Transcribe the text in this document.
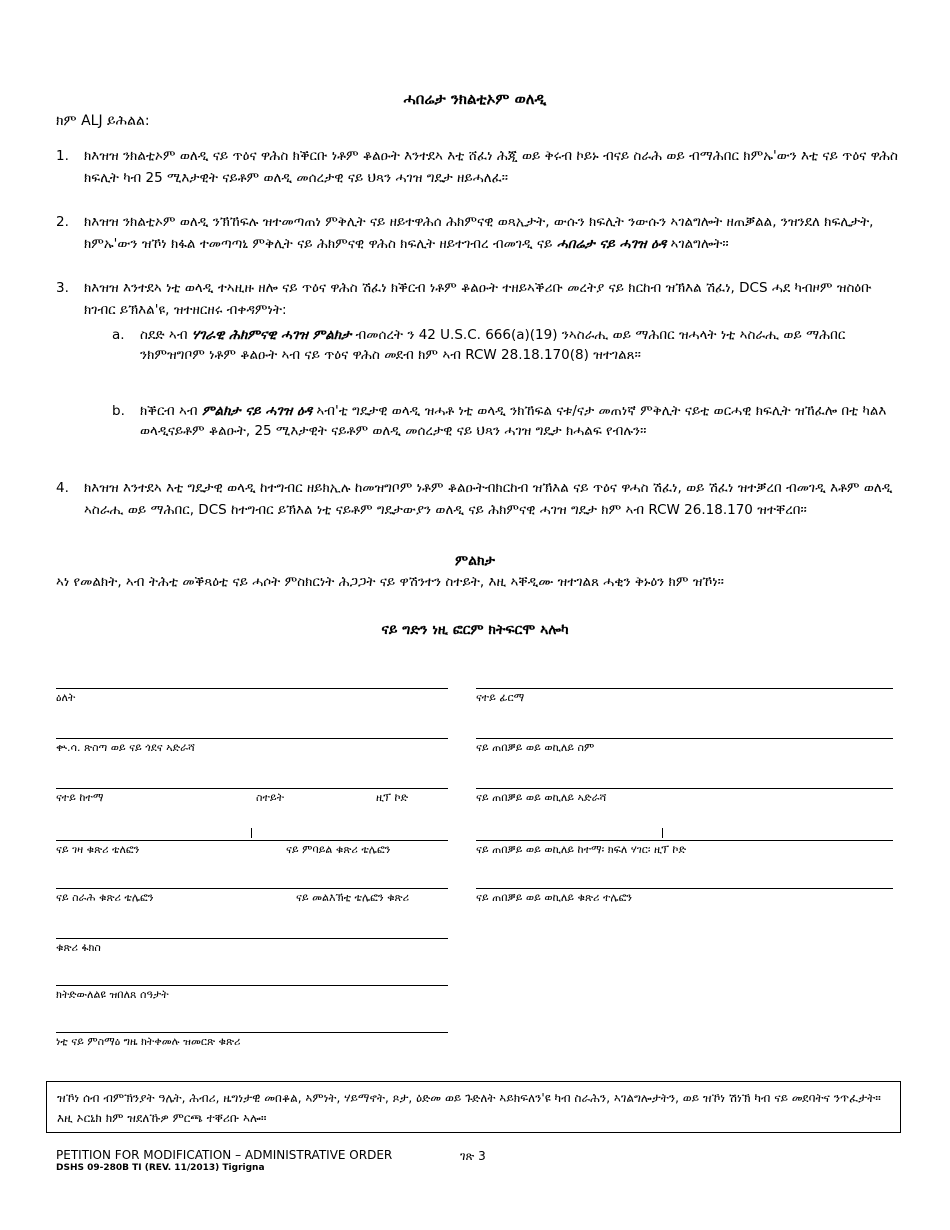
ሓበሬታ ንክልቲኦም ወለዲ
ክም ALJ ይሕልል:
1. ክእዝዝ ንክልቲኦም ወለዲ ናይ ጥዕና ዋሕስ ክቕርቡ ነቶም ቆልዑት እንተደኣ እቲ ሸፈነ ሕጂ ወይ ቅሩብ ኮይኑ ብናይ ስራሕ ወይ ብማሕበር ክምኡ'ውን እቲ ናይ ጥዕና ዋሕስ ክፍሊት ካብ 25 ሚእታዊት ናይቶም ወለዲ መሰረታዊ ናይ ህጻን ሓገዝ ግዴታ ዘይሓለፈ።
2. ክእዝዝ ንክልቲኦም ወለዲ ንኽኸፍሉ ዝተመጣጠነ ምቅሊት ናይ ዘይተዋሕሰ ሕክምናዊ ወጻኢታት, ውሱን ክፍሊት ንውሱን ኣገልግሎት ዘጠቓልል, ንዝንደለ ክፍሊታት, ክምኡ'ውን ዝኾነ ክፋል ተመጣጣኒ ምቅሊት ናይ ሕክምናዊ ዋሕስ ክፍሊት ዘይተገብረ ብመገዲ ናይ ሓበሬታ ናይ ሓገዝ ዕዳ ኣገልግሎት።
3. ክእዝዝ እንተደኣ ነቲ ወላዲ ተኣዚዙ ዘሎ ናይ ጥዕና ዋሕስ ሽፈነ ክቕርብ ነቶም ቆልዑት ተዘይኣቕሪቡ መረትያ ናይ ክርከብ ዝኽእል ሽፈነ, DCS ሓደ ካብዞም ዝስዕቡ ክገብር ይኽእል'ዩ, ዝተዘርዘሩ ብቀዳምነት:
a. ስደድ ኣብ ሃገራዊ ሕክምናዊ ሓገዝ ምልክታ ብመሰረት ን 42 U.S.C. 666(a)(19) ንኣስራሒ ወይ ማሕበር ዝሓላት ነቲ ኣስራሒ ወይ ማሕበር ንክምዝግቦም ነቶም ቆልዑት ኣብ ናይ ጥዕና ዋሕስ መደብ ክም ኣብ RCW 28.18.170(8) ዝተገልጸ።
b. ክቕርብ ኣብ ምልክታ ናይ ሓገዝ ዕዳ ኣብ'ቲ ግዴታዊ ወላዲ ዝሓቶ ነቲ ወላዲ ንክኸፍል ናቱ/ናታ መጠነኛ ምቅሊት ናይቲ ወርሓዊ ክፍሊት ዝኸፈሎ በቲ ካልእ ወላዲናይቶም ቆልዑት, 25 ሚእታዊት ናይቶም ወለዲ መሰረታዊ ናይ ህጻን ሓገዝ ግዴታ ክሓልፍ የብሉን።
4. ክእዝዝ እንተደኣ እቲ ግዴታዊ ወላዲ ከተግብር ዘይክኢሉ ከመዝግቦም ነቶም ቆልዑትብክርከብ ዝኽእል ናይ ጥዕና ዋሓስ ሽፈነ, ወይ ሽፈነ ዝተቓረበ ብመገዲ እቶም ወለዲ ኣስራሒ ወይ ማሕበር, DCS ከተግብር ይኽእል ነቲ ናይቶም ግዴታውያን ወለዲ ናይ ሕክምናዊ ሓገዝ ግዴታ ክም ኣብ RCW 26.18.170 ዝተቐረበ።
ምልክታ
ኣነ የመልክት, ኣብ ትሕቲ መቕጻዕቲ ናይ ሓሶት ምስክርነት ሕጋጋት ናይ ዋሽንተን ስተይት, እዚ ኣቐዲሙ ዝተገልጸ ሓቂን ቅኑዕን ክም ዝኾነ።
ናይ ግድን ነዚ ፎርም ክትፍርሞ ኣሎካ
ዕለት
ቊ.ሳ. ጽስጣ ወይ ናይ ጎደና ኣድራሻ
ናተይ ከተማ	ስተይት	ዚፕ ኮድ
ናይ ገዛ ቁጽሪ ቴለፎን	ናይ ምባይል ቁጽሪ ቴሌፎን
ናይ ስራሕ ቁጽሪ ቴሌፎን	ናይ መልእኽቲ ቴሌፎን ቁጽሪ
ቁጽሪ ፋክስ
ክትድውለልዩ ዝበለጸ ሰዓታት
ነቲ ናይ ምስማዕ ግዜ ክትቀመሉ ዝመርጽ ቁጽሪ
ናተይ ፊርማ
ናይ ጠበቓይ ወይ ወኪለይ ስም
ናይ ጠበቓይ ወይ ወኪለይ ኣድራሻ
ናይ ጠበቓይ ወይ ወኪለይ ከተማ፡ ክፍለ ሃገር፡ ዚፕ ኮድ
ናይ ጠበቓይ ወይ ወኪለይ ቁጽሪ ተሌፎን
ዝኾነ ሰብ ብምኽንያት ዓሌት, ሕብሪ, ዜግነታዊ መበቆል, ኣምነት, ሃይማኖት, ጾታ, ዕድመ ወይ ጉድለት ኣይክፍለን'ዩ ካብ ስራሕን, ኣገልግሎታትን, ወይ ዝኾነ ሽነኽ ካብ ናይ መደባትና ንጥፈታት። እዚ ኦርኒክ ክም ዝደለኹዎ ምርጫ ተቐሪቡ ኣሎ።
PETITION FOR MODIFICATION – ADMINISTRATIVE ORDER
DSHS 09-280B TI (REV. 11/2013) Tigrigna
ገጽ 3
